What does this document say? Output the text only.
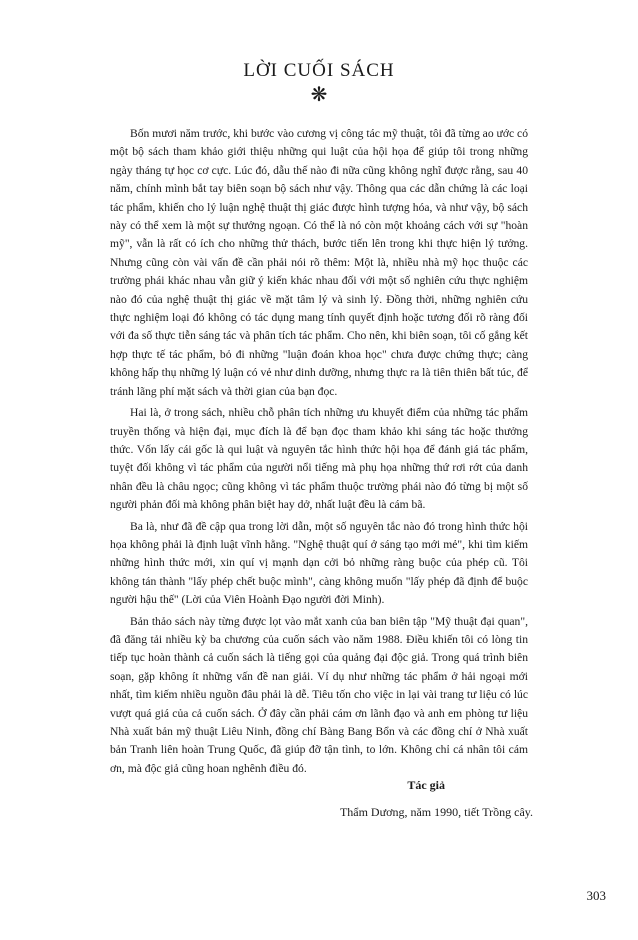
LỜI CUỐI SÁCH
❋

Bốn mươi năm trước, khi bước vào cương vị công tác mỹ thuật, tôi đã từng ao ước có một bộ sách tham khảo giới thiệu những qui luật của hội họa để giúp tôi trong những ngày tháng tự học cơ cực. Lúc đó, dẫu thế nào đi nữa cũng không nghĩ được rằng, sau 40 năm, chính mình bắt tay biên soạn bộ sách như vậy. Thông qua các dẫn chứng là các loại tác phẩm, khiến cho lý luận nghệ thuật thị giác được hình tượng hóa, và như vậy, bộ sách này có thể xem là một sự thưởng ngoạn. Có thể là nó còn một khoảng cách với sự "hoàn mỹ", vẫn là rất có ích cho những thử thách, bước tiến lên trong khi thực hiện lý tưởng. Nhưng cũng còn vài vấn đề cần phải nói rõ thêm: Một là, nhiều nhà mỹ học thuộc các trường phái khác nhau vẫn giữ ý kiến khác nhau đối với một số nghiên cứu thực nghiệm nào đó của nghệ thuật thị giác về mặt tâm lý và sinh lý. Đồng thời, những nghiên cứu thực nghiệm loại đó không có tác dụng mang tính quyết định hoặc tương đối rõ ràng đối với đa số thực tiễn sáng tác và phân tích tác phẩm. Cho nên, khi biên soạn, tôi cố gắng kết hợp thực tế tác phẩm, bỏ đi những "luận đoán khoa học" chưa được chứng thực; càng không hấp thụ những lý luận có vẻ như dinh dưỡng, nhưng thực ra là tiên thiên bất túc, để tránh lãng phí mặt sách và thời gian của bạn đọc.

Hai là, ở trong sách, nhiều chỗ phân tích những ưu khuyết điểm của những tác phẩm truyền thống và hiện đại, mục đích là để bạn đọc tham khảo khi sáng tác hoặc thưởng thức. Vốn lấy cái gốc là qui luật và nguyên tắc hình thức hội họa để đánh giá tác phẩm, tuyệt đối không vì tác phẩm của người nổi tiếng mà phụ họa những thứ rơi rớt của danh nhân đều là châu ngọc; cũng không vì tác phẩm thuộc trường phái nào đó từng bị một số người phản đối mà không phân biệt hay dở, nhất luật đều là cám bã.

Ba là, như đã đề cập qua trong lời dẫn, một số nguyên tắc nào đó trong hình thức hội họa không phải là định luật vĩnh hằng. "Nghệ thuật quí ở sáng tạo mới mẻ", khi tìm kiếm những hình thức mới, xin quí vị mạnh dạn cởi bỏ những ràng buộc của phép cũ. Tôi không tán thành "lấy phép chết buộc mình", càng không muốn "lấy phép đã định để buộc người hậu thế" (Lời của Viên Hoành Đạo người đời Minh).

Bản thảo sách này từng được lọt vào mắt xanh của ban biên tập "Mỹ thuật đại quan", đã đăng tải nhiều kỳ ba chương của cuốn sách vào năm 1988. Điều khiến tôi có lòng tin tiếp tục hoàn thành cả cuốn sách là tiếng gọi của quảng đại độc giả. Trong quá trình biên soạn, gặp không ít những vấn đề nan giải. Ví dụ như những tác phẩm ở hải ngoại mới nhất, tìm kiếm nhiều nguồn đâu phải là dễ. Tiêu tốn cho việc in lại vài trang tư liệu có lúc vượt quá giá của cả cuốn sách. Ở đây cần phải cám ơn lãnh đạo và anh em phòng tư liệu Nhà xuất bản mỹ thuật Liêu Ninh, đồng chí Bàng Bang Bổn và các đồng chí ở Nhà xuất bản Tranh liên hoàn Trung Quốc, đã giúp đỡ tận tình, to lớn. Không chỉ cá nhân tôi cám ơn, mà độc giả cũng hoan nghênh điều đó.

Tác giả
Thẩm Dương, năm 1990, tiết Trồng cây.
303
